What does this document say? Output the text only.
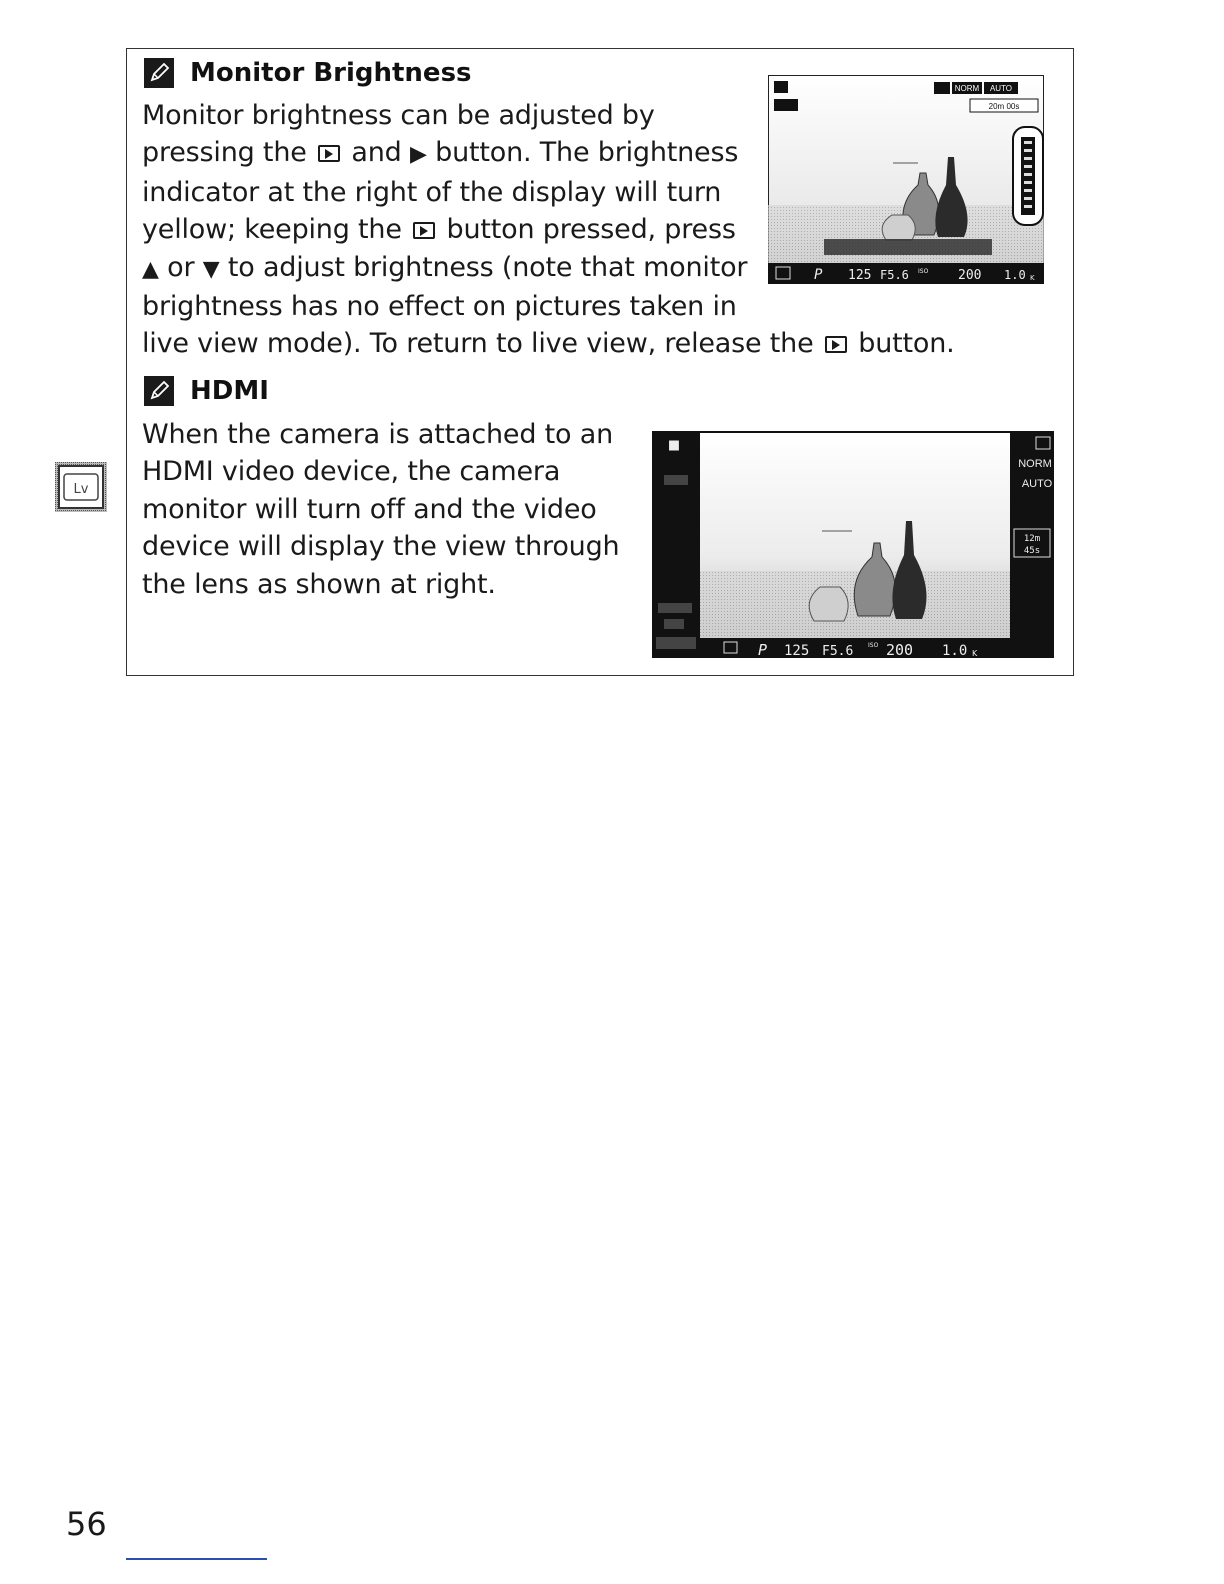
Monitor Brightness
Monitor brightness can be adjusted by
pressing the and ▶ button. The brightness
indicator at the right of the display will turn
yellow; keeping the button pressed, press
▲ or ▼ to adjust brightness (note that monitor
brightness has no effect on pictures taken in
live view mode). To return to live view, release the button.
NORM AUTO
20m 00s
P 125 F5.6 ISO 200 1.0 K
HDMI
When the camera is attached to an
HDMI video device, the camera
monitor will turn off and the video
device will display the view through
the lens as shown at right.
⯀
NORM
AUTO
12m
45s
P 125 F5.6 ISO 200 1.0 K
Lv
56
